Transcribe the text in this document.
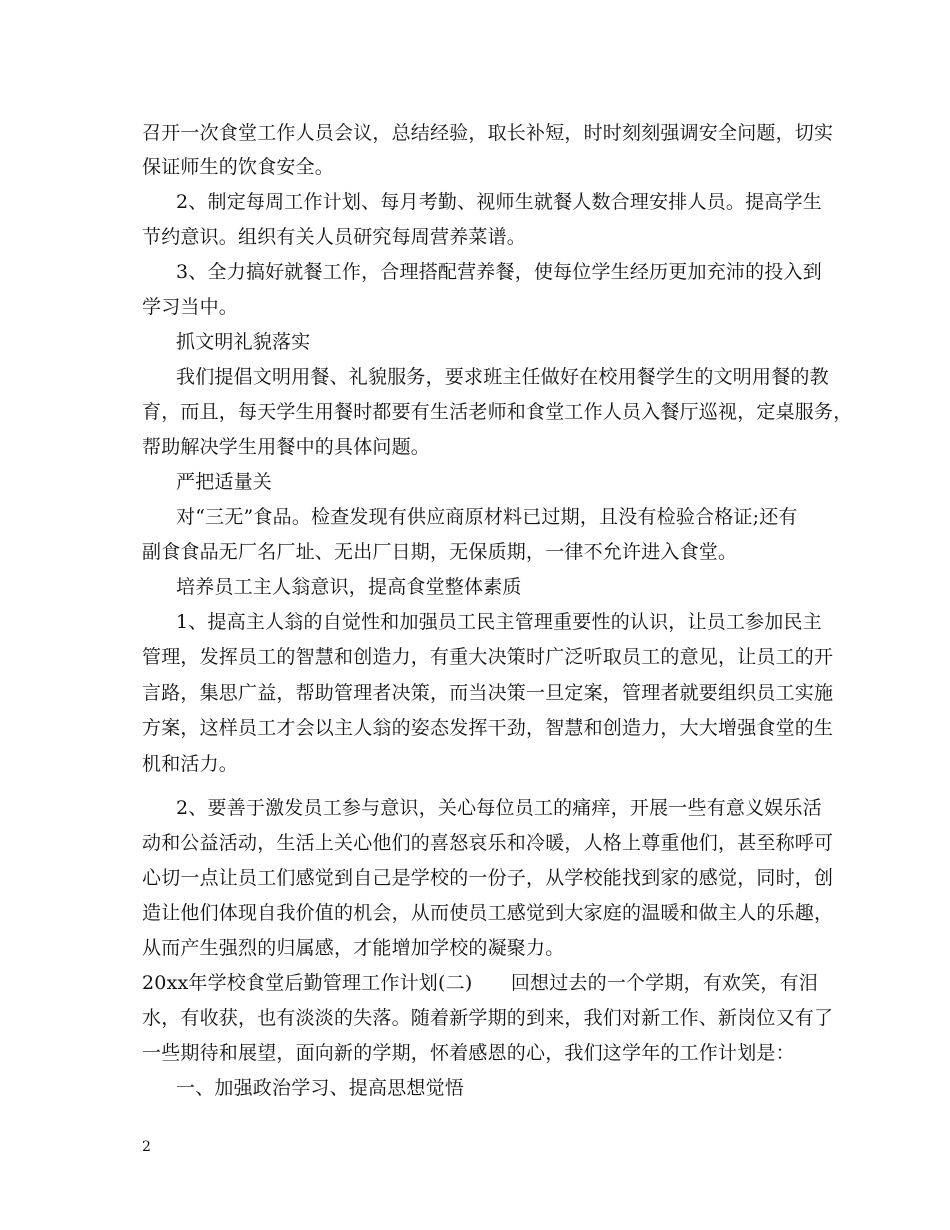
召开一次食堂工作人员会议，总结经验，取长补短，时时刻刻强调安全问题，切实
保证师生的饮食安全。
2、制定每周工作计划、每月考勤、视师生就餐人数合理安排人员。提高学生
节约意识。组织有关人员研究每周营养菜谱。
3、全力搞好就餐工作，合理搭配营养餐，使每位学生经历更加充沛的投入到
学习当中。
抓文明礼貌落实
我们提倡文明用餐、礼貌服务，要求班主任做好在校用餐学生的文明用餐的教
育，而且，每天学生用餐时都要有生活老师和食堂工作人员入餐厅巡视，定桌服务，
帮助解决学生用餐中的具体问题。
严把适量关
对“三无”食品。检查发现有供应商原材料已过期，且没有检验合格证;还有
副食食品无厂名厂址、无出厂日期，无保质期，一律不允许进入食堂。
培养员工主人翁意识，提高食堂整体素质
1、提高主人翁的自觉性和加强员工民主管理重要性的认识，让员工参加民主
管理，发挥员工的智慧和创造力，有重大决策时广泛听取员工的意见，让员工的开
言路，集思广益，帮助管理者决策，而当决策一旦定案，管理者就要组织员工实施
方案，这样员工才会以主人翁的姿态发挥干劲，智慧和创造力，大大增强食堂的生
机和活力。
2、要善于激发员工参与意识，关心每位员工的痛痒，开展一些有意义娱乐活
动和公益活动，生活上关心他们的喜怒哀乐和冷暖，人格上尊重他们，甚至称呼可
心切一点让员工们感觉到自己是学校的一份子，从学校能找到家的感觉，同时，创
造让他们体现自我价值的机会，从而使员工感觉到大家庭的温暖和做主人的乐趣，
从而产生强烈的归属感，才能增加学校的凝聚力。
20xx年学校食堂后勤管理工作计划(二)　　回想过去的一个学期，有欢笑，有泪
水，有收获，也有淡淡的失落。随着新学期的到来，我们对新工作、新岗位又有了
一些期待和展望，面向新的学期，怀着感恩的心，我们这学年的工作计划是：
一、加强政治学习、提高思想觉悟
2
